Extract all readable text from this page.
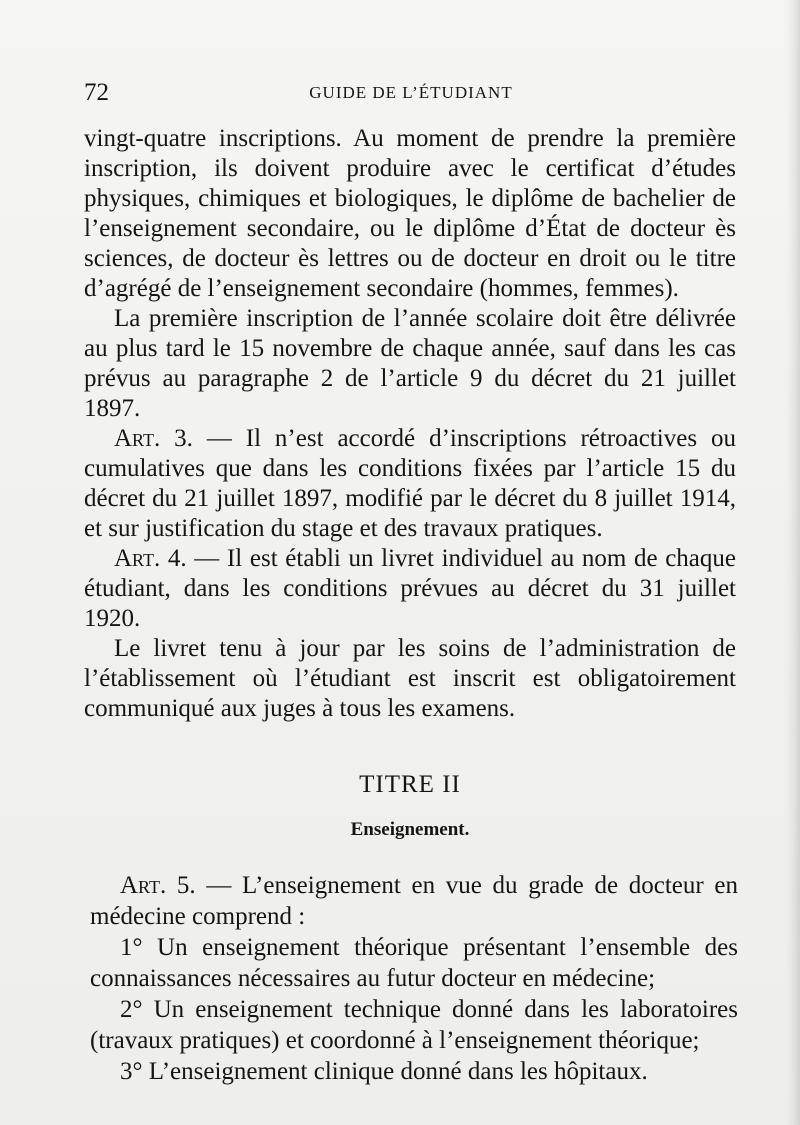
72	GUIDE DE L’ÉTUDIANT

vingt-quatre inscriptions. Au moment de prendre la première inscription, ils doivent produire avec le certificat d’études physiques, chimiques et biologiques, le diplôme de bachelier de l’enseignement secondaire, ou le diplôme d’État de docteur ès sciences, de docteur ès lettres ou de docteur en droit ou le titre d’agrégé de l’enseignement secondaire (hommes, femmes).

La première inscription de l’année scolaire doit être délivrée au plus tard le 15 novembre de chaque année, sauf dans les cas prévus au paragraphe 2 de l’article 9 du décret du 21 juillet 1897.

Art. 3. — Il n’est accordé d’inscriptions rétroactives ou cumulatives que dans les conditions fixées par l’article 15 du décret du 21 juillet 1897, modifié par le décret du 8 juillet 1914, et sur justification du stage et des travaux pratiques.

Art. 4. — Il est établi un livret individuel au nom de chaque étudiant, dans les conditions prévues au décret du 31 juillet 1920.

Le livret tenu à jour par les soins de l’administration de l’établissement où l’étudiant est inscrit est obligatoirement communiqué aux juges à tous les examens.

TITRE II
Enseignement.

Art. 5. — L’enseignement en vue du grade de docteur en médecine comprend :

1° Un enseignement théorique présentant l’ensemble des connaissances nécessaires au futur docteur en médecine;

2° Un enseignement technique donné dans les laboratoires (travaux pratiques) et coordonné à l’enseignement théorique;

3° L’enseignement clinique donné dans les hôpitaux.
